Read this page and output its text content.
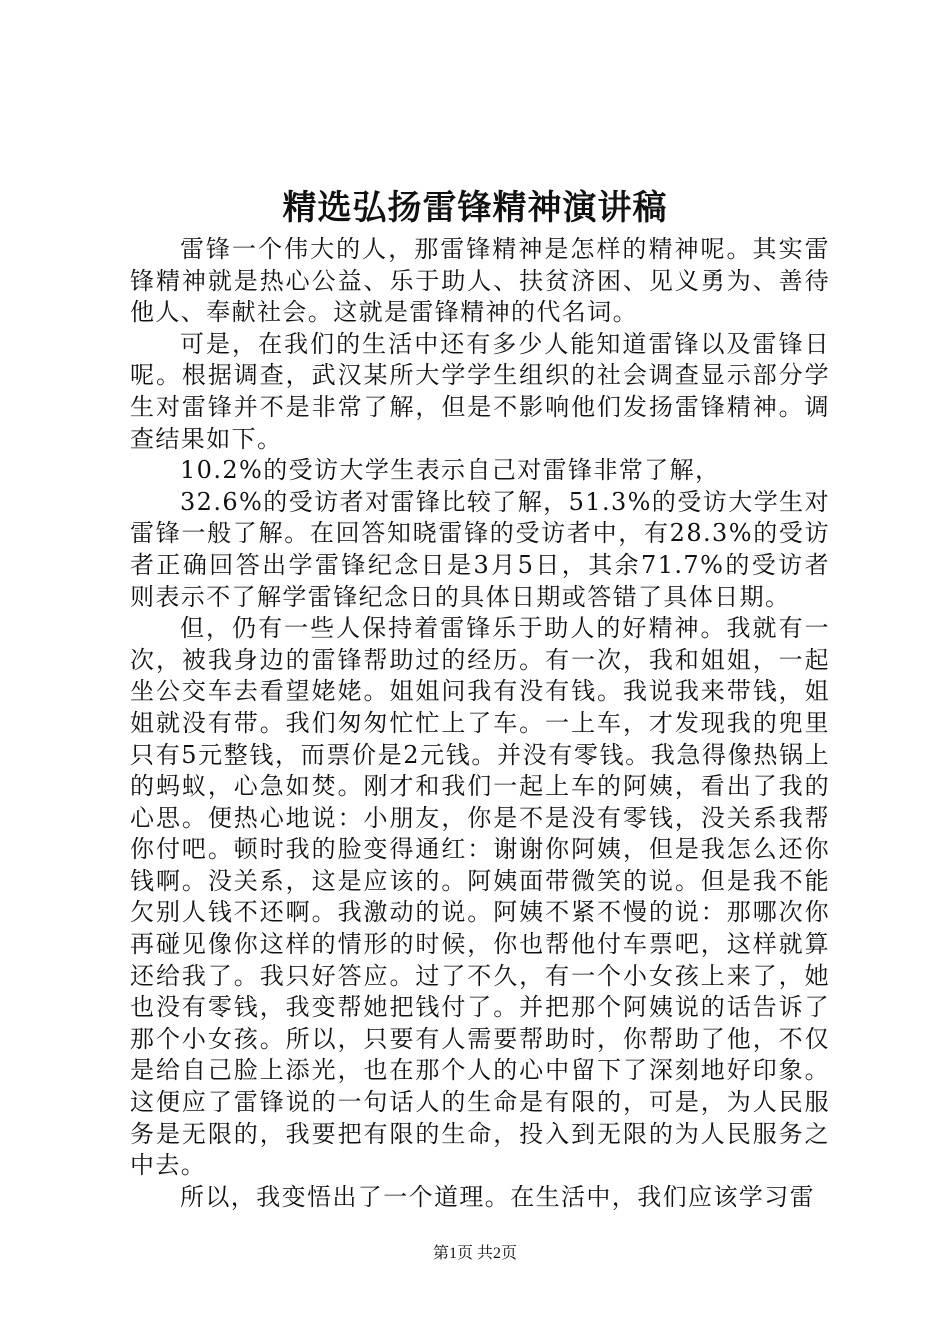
精选弘扬雷锋精神演讲稿

雷锋一个伟大的人，那雷锋精神是怎样的精神呢。其实雷锋精神就是热心公益、乐于助人、扶贫济困、见义勇为、善待他人、奉献社会。这就是雷锋精神的代名词。

可是，在我们的生活中还有多少人能知道雷锋以及雷锋日呢。根据调查，武汉某所大学学生组织的社会调查显示部分学生对雷锋并不是非常了解，但是不影响他们发扬雷锋精神。调查结果如下。

10.2%的受访大学生表示自己对雷锋非常了解，

32.6%的受访者对雷锋比较了解，51.3%的受访大学生对雷锋一般了解。在回答知晓雷锋的受访者中，有28.3%的受访者正确回答出学雷锋纪念日是3月5日，其余71.7%的受访者则表示不了解学雷锋纪念日的具体日期或答错了具体日期。

但，仍有一些人保持着雷锋乐于助人的好精神。我就有一次，被我身边的雷锋帮助过的经历。有一次，我和姐姐，一起坐公交车去看望姥姥。姐姐问我有没有钱。我说我来带钱，姐姐就没有带。我们匆匆忙忙上了车。一上车，才发现我的兜里只有5元整钱，而票价是2元钱。并没有零钱。我急得像热锅上的蚂蚁，心急如焚。刚才和我们一起上车的阿姨，看出了我的心思。便热心地说：小朋友，你是不是没有零钱，没关系我帮你付吧。顿时我的脸变得通红：谢谢你阿姨，但是我怎么还你钱啊。没关系，这是应该的。阿姨面带微笑的说。但是我不能欠别人钱不还啊。我激动的说。阿姨不紧不慢的说：那哪次你再碰见像你这样的情形的时候，你也帮他付车票吧，这样就算还给我了。我只好答应。过了不久，有一个小女孩上来了，她也没有零钱，我变帮她把钱付了。并把那个阿姨说的话告诉了那个小女孩。所以，只要有人需要帮助时，你帮助了他，不仅是给自己脸上添光，也在那个人的心中留下了深刻地好印象。这便应了雷锋说的一句话人的生命是有限的，可是，为人民服务是无限的，我要把有限的生命，投入到无限的为人民服务之中去。

所以，我变悟出了一个道理。在生活中，我们应该学习雷

第1页 共2页
